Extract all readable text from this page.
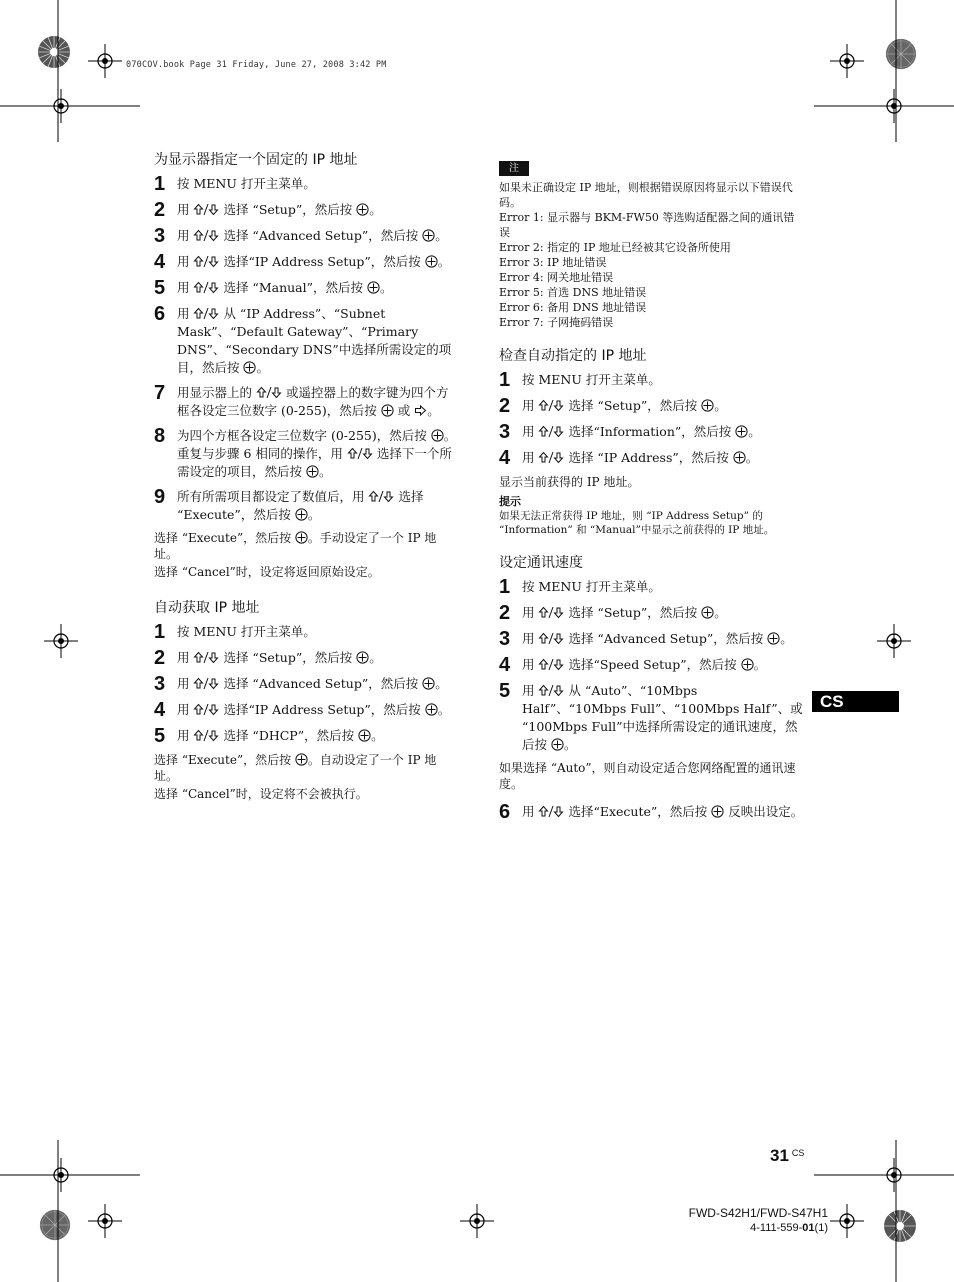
070COV.book Page 31 Friday, June 27, 2008 3:42 PM
为显示器指定一个固定的 IP 地址
1 按 MENU 打开主菜单。
2 用  选择 “Setup”，然后按 。
3 用  选择 “Advanced Setup”，然后按 。
4 用  选择“IP Address Setup”，然后按 。
5 用  选择 “Manual”，然后按 。
6 用  从 “IP Address”、“Subnet Mask”、“Default Gateway”、“Primary DNS”、“Secondary DNS”中选择所需设定的项目，然后按 。
7 用显示器上的  或遥控器上的数字键为四个方框各设定三位数字 (0-255)，然后按  或 。
8 为四个方框各设定三位数字 (0-255)，然后按 。重复与步骤 6 相同的操作，用  选择下一个所需设定的项目，然后按 。
9 所有所需项目都设定了数值后，用  选择 “Execute”，然后按 。

选择 “Execute”，然后按 。手动设定了一个 IP 地址。

选择 “Cancel”时，设定将返回原始设定。

自动获取 IP 地址
1 按 MENU 打开主菜单。
2 用  选择 “Setup”，然后按 。
3 用  选择 “Advanced Setup”，然后按 。
4 用  选择“IP Address Setup”，然后按 。
5 用  选择 “DHCP”，然后按 。

选择 “Execute”，然后按 。自动设定了一个 IP 地址。

选择 “Cancel”时，设定将不会被执行。

注
如果未正确设定 IP 地址，则根据错误原因将显示以下错误代码。
Error 1: 显示器与 BKM-FW50 等选购适配器之间的通讯错误
Error 2: 指定的 IP 地址已经被其它设备所使用
Error 3: IP 地址错误
Error 4: 网关地址错误
Error 5: 首选 DNS 地址错误
Error 6: 备用 DNS 地址错误
Error 7: 子网掩码错误
检查自动指定的 IP 地址
1 按 MENU 打开主菜单。
2 用  选择 “Setup”，然后按 。
3 用  选择“Information”，然后按 。
4 用  选择 “IP Address”，然后按 。

显示当前获得的 IP 地址。

提示
如果无法正常获得 IP 地址，则 “IP Address Setup” 的 “Information” 和 “Manual”中显示之前获得的 IP 地址。
设定通讯速度
1 按 MENU 打开主菜单。
2 用  选择 “Setup”，然后按 。
3 用  选择 “Advanced Setup”，然后按 。
4 用  选择“Speed Setup”，然后按 。
5 用  从 “Auto”、“10Mbps Half”、“10Mbps Full”、“100Mbps Half”、或 “100Mbps Full”中选择所需设定的通讯速度，然后按 。

如果选择 “Auto”，则自动设定适合您网络配置的通讯速度。

6 用  选择“Execute”，然后按  反映出设定。
CS
31 $^{CS}$
FWD-S42H1/FWD-S47H1
4-111-559-01(1)
